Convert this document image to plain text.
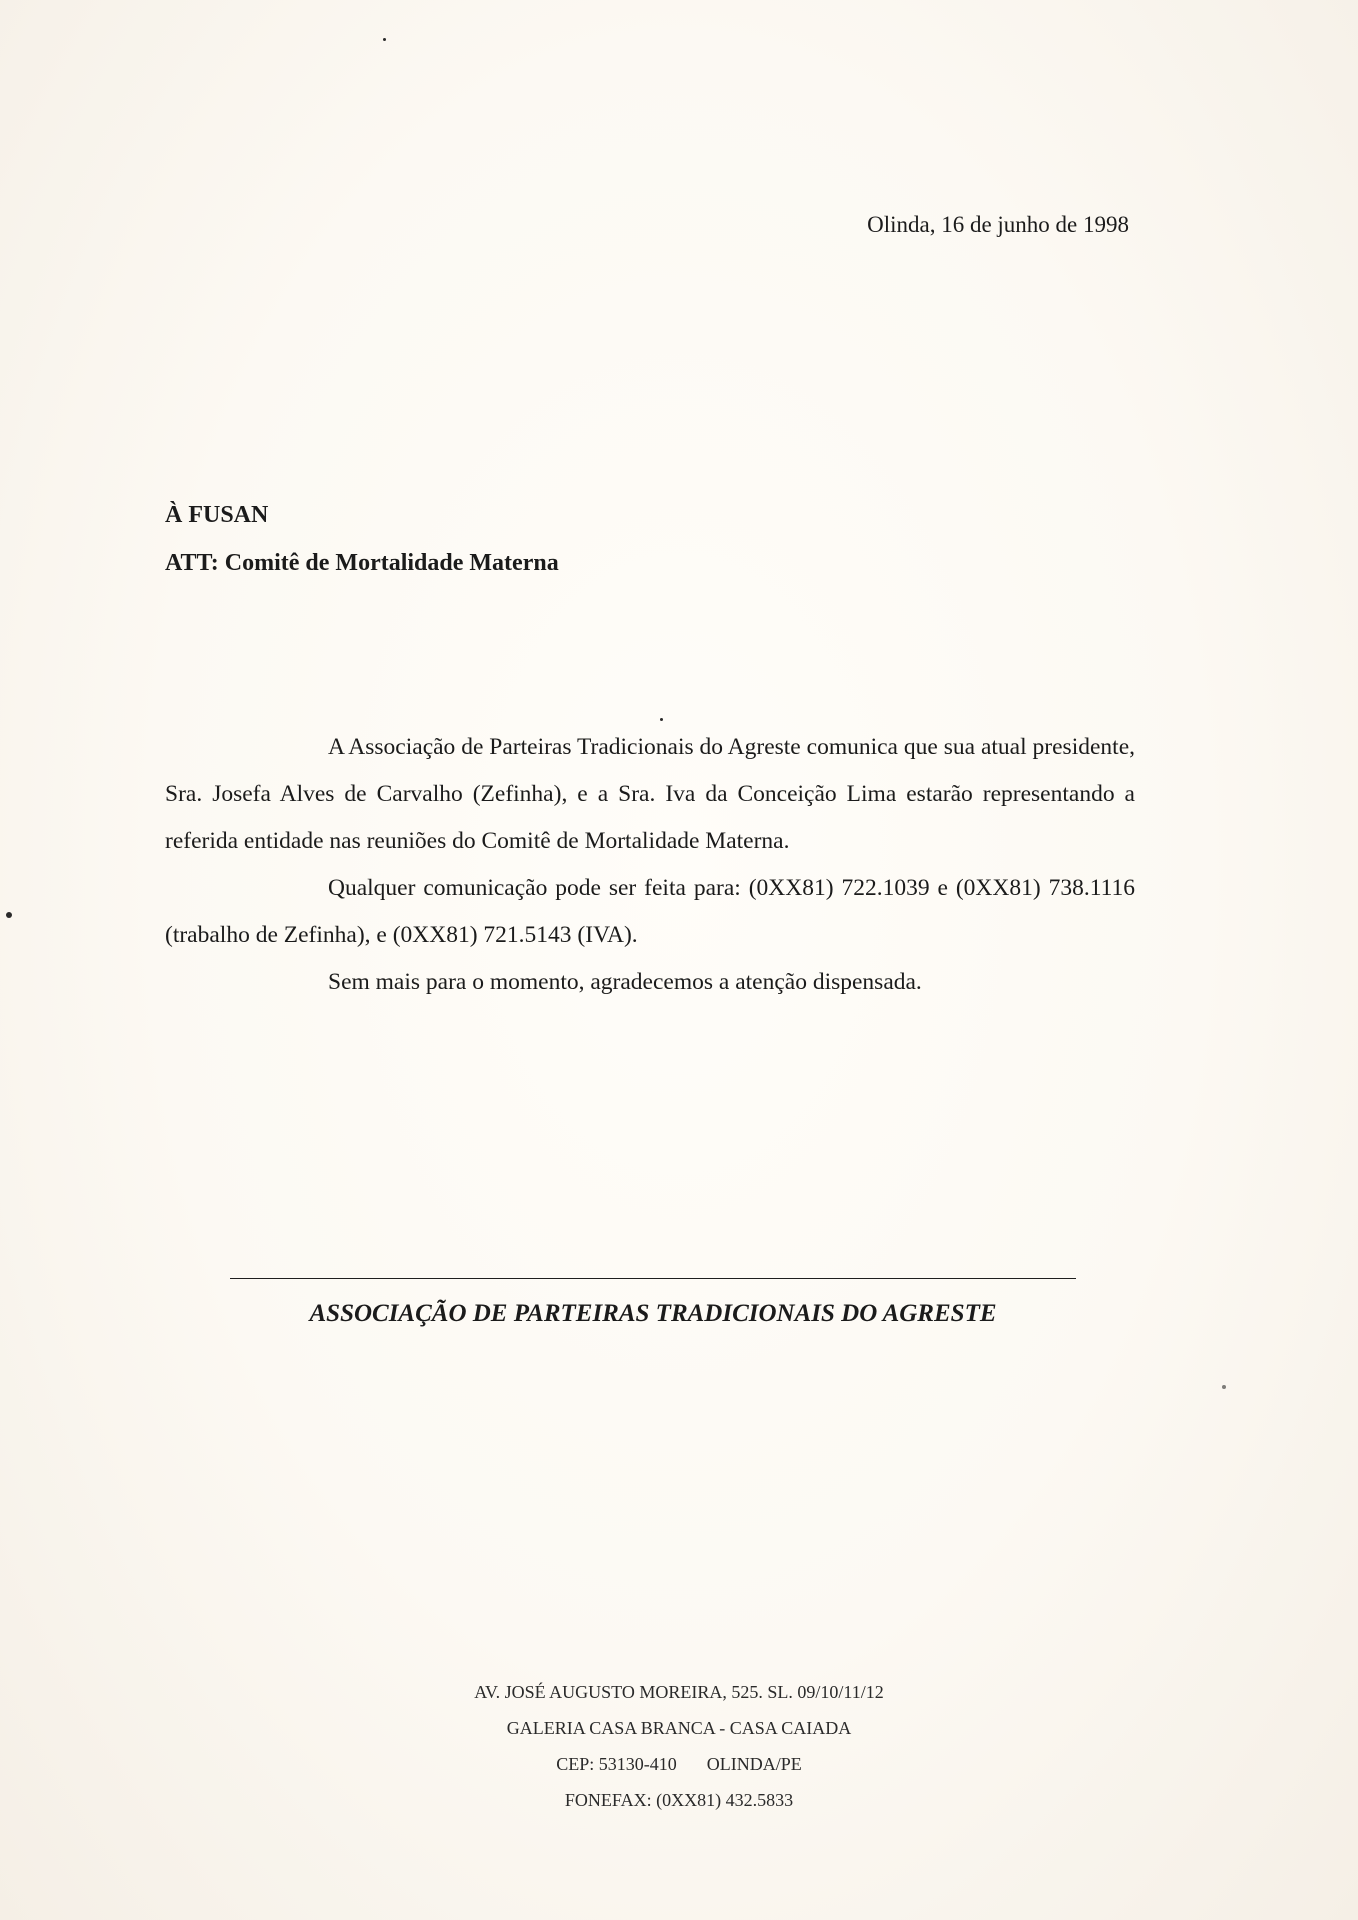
Olinda, 16 de junho de 1998
À FUSAN
ATT: Comitê de Mortalidade Materna

A Associação de Parteiras Tradicionais do Agreste comunica que sua atual presidente, Sra. Josefa Alves de Carvalho (Zefinha), e a Sra. Iva da Conceição Lima estarão representando a referida entidade nas reuniões do Comitê de Mortalidade Materna.

Qualquer comunicação pode ser feita para: (0XX81) 722.1039 e (0XX81) 738.1116 (trabalho de Zefinha), e (0XX81) 721.5143 (IVA).

Sem mais para o momento, agradecemos a atenção dispensada.

ASSOCIAÇÃO DE PARTEIRAS TRADICIONAIS DO AGRESTE
AV. JOSÉ AUGUSTO MOREIRA, 525. SL. 09/10/11/12
GALERIA CASA BRANCA - CASA CAIADA
CEP: 53130-410 OLINDA/PE
FONEFAX: (0XX81) 432.5833
